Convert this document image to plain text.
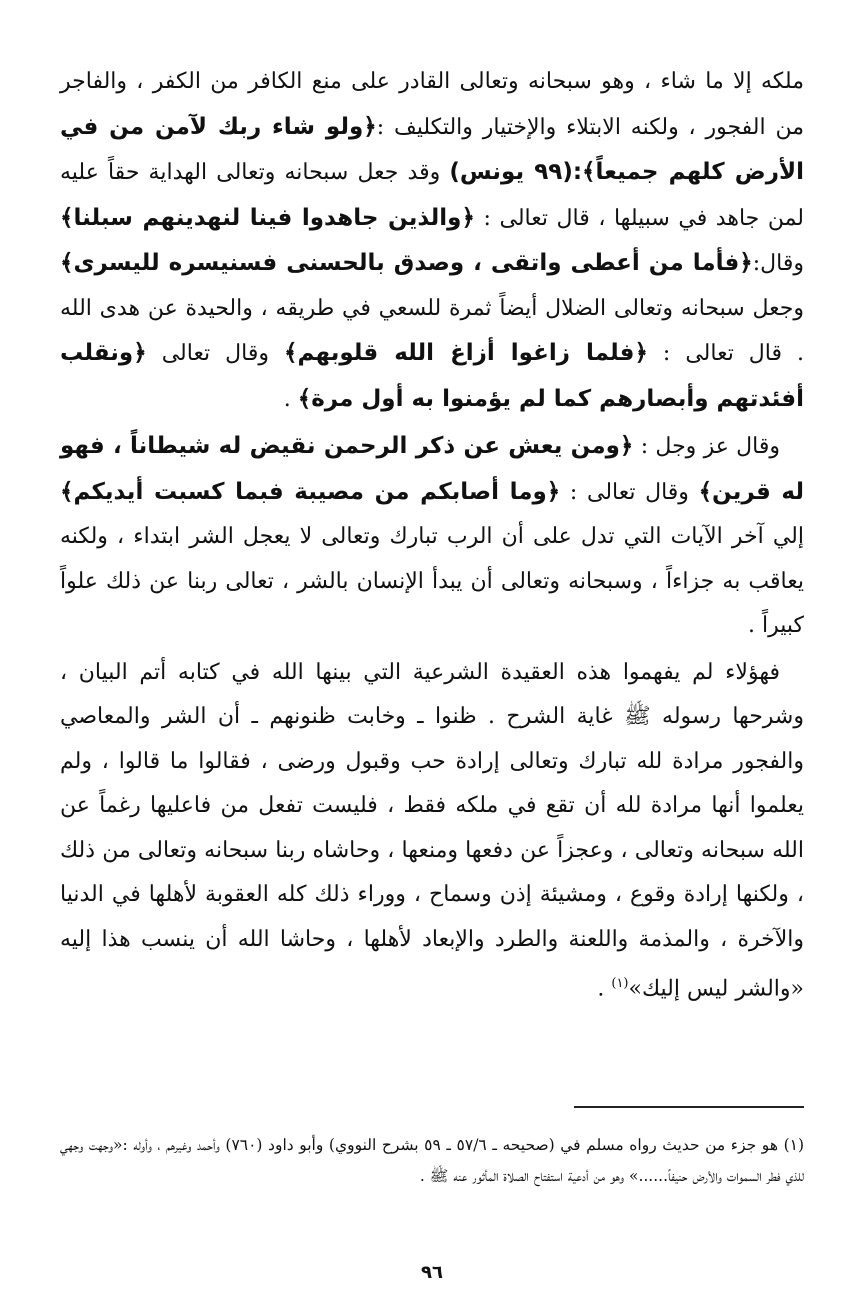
ملكه إلا ما شاء ، وهو سبحانه وتعالى القادر على منع الكافر من الكفر ، والفاجر من الفجور ، ولكنه الابتلاء والإختيار والتكليف :﴿ولو شاء ربك لآمن من في الأرض كلهم جميعاً﴾:(٩٩ يونس) وقد جعل سبحانه وتعالى الهداية حقاً عليه لمن جاهد في سبيلها ، قال تعالى : ﴿والذين جاهدوا فينا لنهدينهم سبلنا﴾ وقال:﴿فأما من أعطى واتقى ، وصدق بالحسنى فسنيسره لليسرى﴾ وجعل سبحانه وتعالى الضلال أيضاً ثمرة للسعي في طريقه ، والحيدة عن هدى الله . قال تعالى : ﴿فلما زاغوا أزاغ الله قلوبهم﴾ وقال تعالى ﴿ونقلب أفئدتهم وأبصارهم كما لم يؤمنوا به أول مرة﴾ .

وقال عز وجل : ﴿ومن يعش عن ذكر الرحمن نقيض له شيطاناً ، فهو له قرين﴾ وقال تعالى : ﴿وما أصابكم من مصيبة فبما كسبت أيديكم﴾ إلي آخر الآيات التي تدل على أن الرب تبارك وتعالى لا يعجل الشر ابتداء ، ولكنه يعاقب به جزاءاً ، وسبحانه وتعالى أن يبدأ الإنسان بالشر ، تعالى ربنا عن ذلك علواً كبيراً .

فهؤلاء لم يفهموا هذه العقيدة الشرعية التي بينها الله في كتابه أتم البيان ، وشرحها رسوله ﷺ غاية الشرح . ظنوا ـ وخابت ظنونهم ـ أن الشر والمعاصي والفجور مرادة لله تبارك وتعالى إرادة حب وقبول ورضى ، فقالوا ما قالوا ، ولم يعلموا أنها مرادة لله أن تقع في ملكه فقط ، فليست تفعل من فاعليها رغماً عن الله سبحانه وتعالى ، وعجزاً عن دفعها ومنعها ، وحاشاه ربنا سبحانه وتعالى من ذلك ، ولكنها إرادة وقوع ، ومشيئة إذن وسماح ، ووراء ذلك كله العقوبة لأهلها في الدنيا والآخرة ، والمذمة واللعنة والطرد والإبعاد لأهلها ، وحاشا الله أن ينسب هذا إليه «والشر ليس إليك»$^{(١)}$ .

(١) هو جزء من حديث رواه مسلم في (صحيحه ـ ٥٧/٦ ـ ٥٩ بشرح النووي) وأبو داود (٧٦٠) وأحمد وغيرهم ، وأوله :«وجهت وجهي للذي فطر السموات والأرض حنيفاً......» وهو من أدعية استفتاح الصلاة المأثور عنه ﷺ .

٩٦
